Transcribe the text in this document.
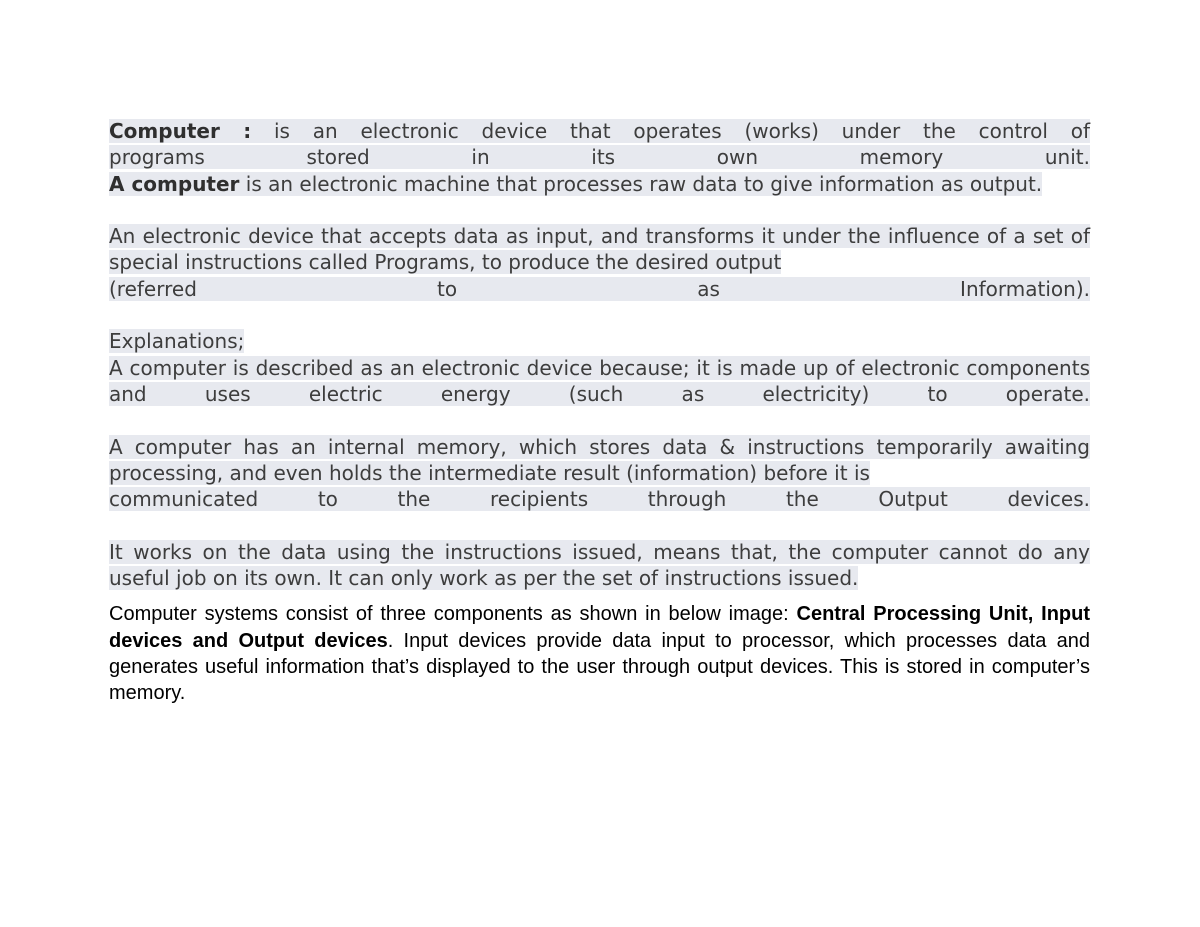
Computer : is an electronic device that operates (works) under the control of

programs stored in its own memory unit.

A computer is an electronic machine that processes raw data to give information as output.

An electronic device that accepts data as input, and transforms it under the influence of a set of special instructions called Programs, to produce the desired output

(referred to as Information).

Explanations;

A computer is described as an electronic device because; it is made up of electronic components and uses electric energy (such as electricity) to operate.

A computer has an internal memory, which stores data & instructions temporarily awaiting processing, and even holds the intermediate result (information) before it is

communicated to the recipients through the Output devices.

It works on the data using the instructions issued, means that, the computer cannot do any useful job on its own. It can only work as per the set of instructions issued.

Computer systems consist of three components as shown in below image: Central Processing Unit, Input devices and Output devices. Input devices provide data input to processor, which processes data and generates useful information that’s displayed to the user through output devices. This is stored in computer’s memory.
